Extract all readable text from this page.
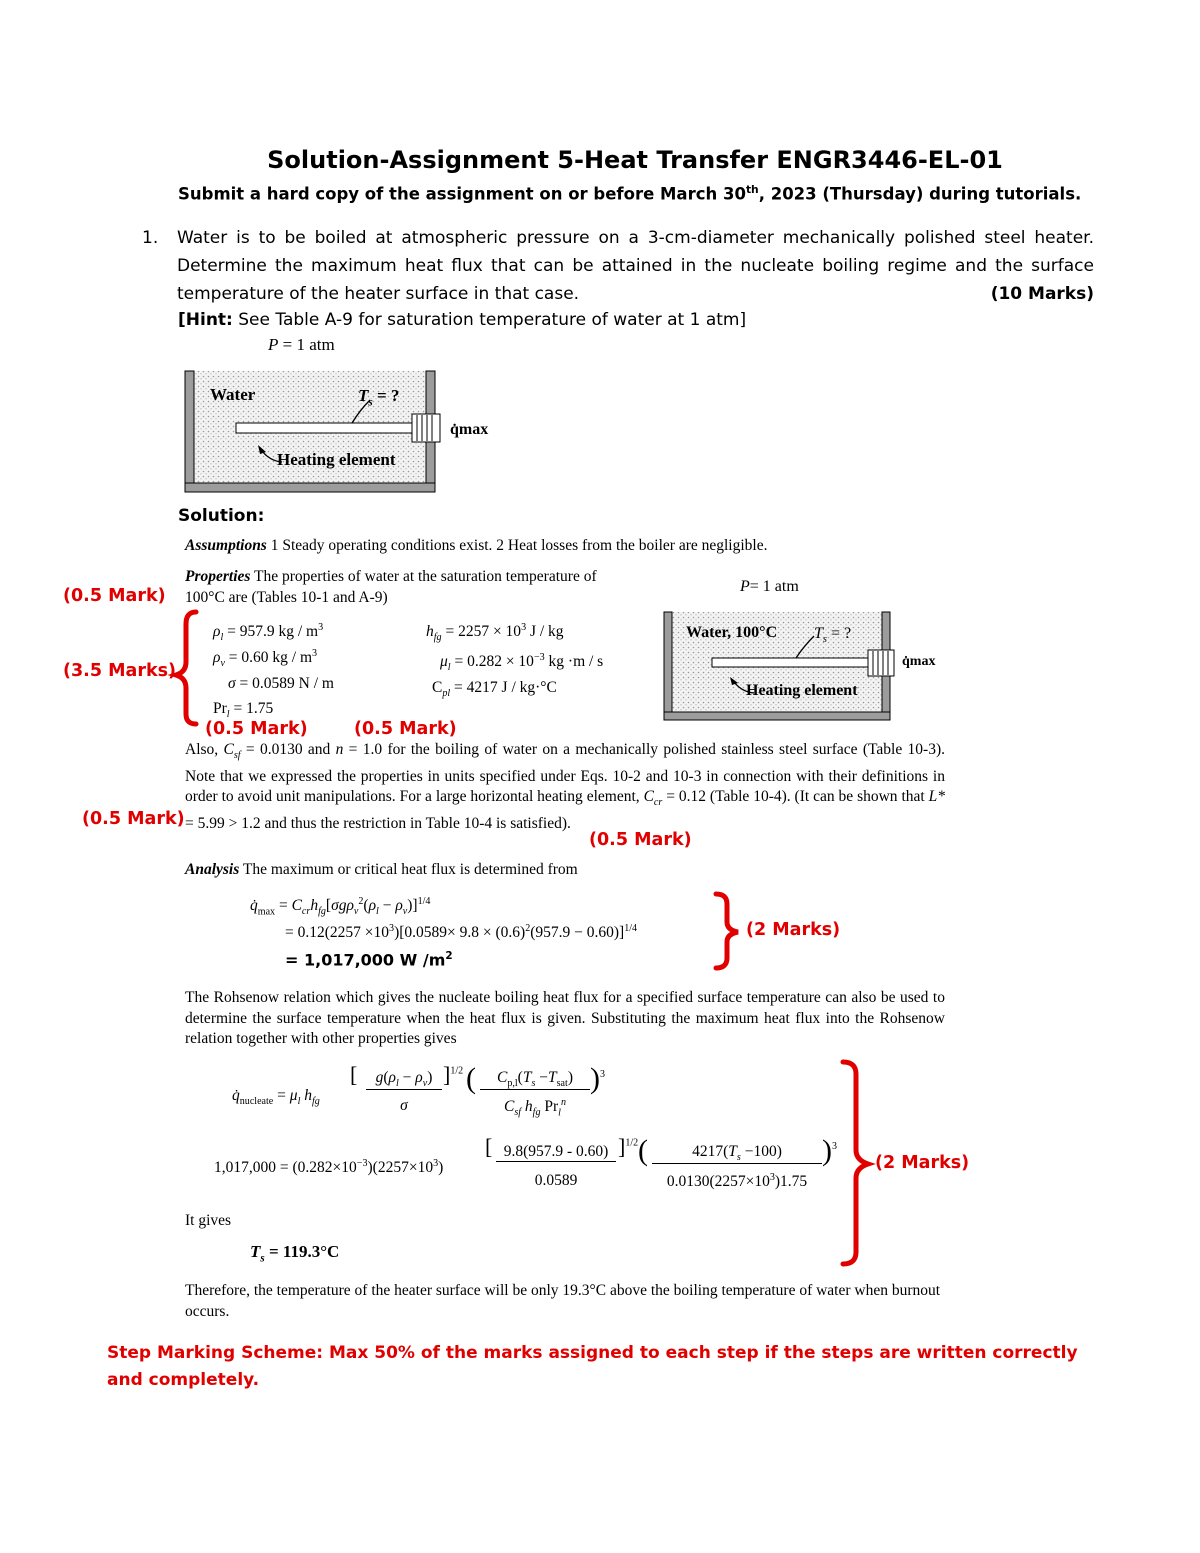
Solution-Assignment 5-Heat Transfer ENGR3446-EL-01
Submit a hard copy of the assignment on or before March 30th, 2023 (Thursday) during tutorials.
1. Water is to be boiled at atmospheric pressure on a 3-cm-diameter mechanically polished steel heater. Determine the maximum heat flux that can be attained in the nucleate boiling regime and the surface temperature of the heater surface in that case.	(10 Marks)
[Hint: See Table A-9 for saturation temperature of water at 1 atm]
P = 1 atm
Water	$T_s$ = ?
Heating element
q̇max
Solution:
Assumptions 1 Steady operating conditions exist. 2 Heat losses from the boiler are negligible.
Properties The properties of water at the saturation temperature of 100°C are (Tables 10-1 and A-9)
$\rho_l = 957.9$ kg / $m^3$
$\rho_v = 0.60$ kg / $m^3$
σ = 0.0589 N / m
$Pr_l = 1.75$
$h_{fg} = 2257 \times 10^3$ J / kg
$\mu_l = 0.282 \times 10^{-3}$ kg ·m / s
$C_{pl} = 4217$ J / kg·°C
P= 1 atm
Water, 100°C $T_s$ = ?
Heating element
q̇max
Also, $C_{sf} = 0.0130$ and n = 1.0 for the boiling of water on a mechanically polished stainless steel surface (Table 10-3). Note that we expressed the properties in units specified under Eqs. 10-2 and 10-3 in connection with their definitions in order to avoid unit manipulations. For a large horizontal heating element, $C_{cr} = 0.12$ (Table 10-4). (It can be shown that L* = 5.99 > 1.2 and thus the restriction in Table 10-4 is satisfied).
Analysis The maximum or critical heat flux is determined from
$q̇_{max} = C_{cr}h_{fg}[\sigma g\rho_v^2(\rho_l - \rho_v)]^{1/4}$
= $0.12(2257 \times 10^3)[0.0589\times 9.8 \times (0.6)^2(957.9 - 0.60)]^{1/4}$
= 1,017,000 W $/m^2$
The Rohsenow relation which gives the nucleate boiling heat flux for a specified surface temperature can also be used to determine the surface temperature when the heat flux is given. Substituting the maximum heat flux into the Rohsenow relation together with other properties gives
$q̇_{nucleate} = \mu_l$ $h_{fg}$
[	$g(\rho_l - \rho_v)$
σ
]$^{1/2}$ (	$C_{p,l}(T_s -T_{sat})$
$C_{sf}$ $h_{fg}$ $Pr_l^n$
)$^3$
$1,017,000 = (0.282\times 10^{-3})(2257\times 10^3)$
[ 9.8(957.9 - 0.60)
0.0589
]$^{1/2}$ (	$4217(T_s -100)$
$0.0130(2257\times 10^3)1.75$
)$^3$
It gives
$T_s = 119.3^\circ C$
Therefore, the temperature of the heater surface will be only 19.3°C above the boiling temperature of water when burnout occurs.
(0.5 Mark)
(3.5 Marks)
(0.5 Mark)	(0.5 Mark)
(0.5 Mark)
(0.5 Mark)
(2 Marks)
(2 Marks)
Step Marking Scheme: Max 50% of the marks assigned to each step if the steps are written correctly and completely.
